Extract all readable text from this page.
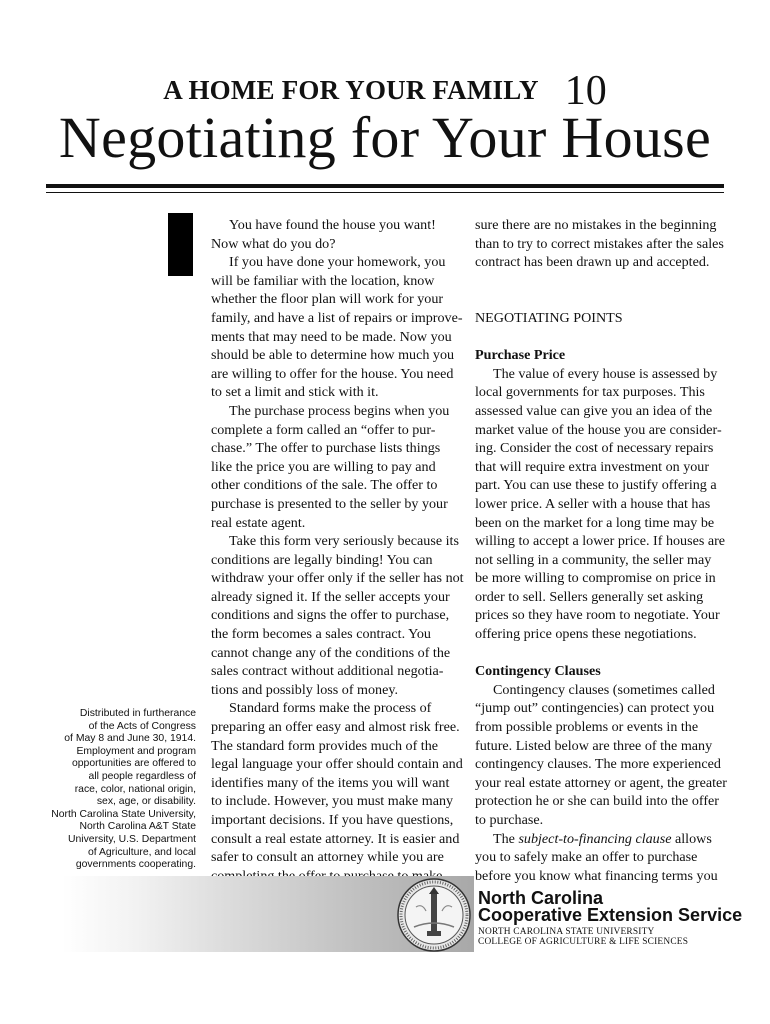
A HOME FOR YOUR FAMILY 10
Negotiating for Your House
You have found the house you want!
Now what do you do?
If you have done your homework, you
will be familiar with the location, know
whether the floor plan will work for your
family, and have a list of repairs or improve-
ments that may need to be made. Now you
should be able to determine how much you
are willing to offer for the house. You need
to set a limit and stick with it.
The purchase process begins when you
complete a form called an “offer to pur-
chase.” The offer to purchase lists things
like the price you are willing to pay and
other conditions of the sale. The offer to
purchase is presented to the seller by your
real estate agent.
Take this form very seriously because its
conditions are legally binding! You can
withdraw your offer only if the seller has not
already signed it. If the seller accepts your
conditions and signs the offer to purchase,
the form becomes a sales contract. You
cannot change any of the conditions of the
sales contract without additional negotia-
tions and possibly loss of money.
Standard forms make the process of
preparing an offer easy and almost risk free.
The standard form provides much of the
legal language your offer should contain and
identifies many of the items you will want
to include. However, you must make many
important decisions. If you have questions,
consult a real estate attorney. It is easier and
safer to consult an attorney while you are
sure there are no mistakes in the beginning
than to try to correct mistakes after the sales
contract has been drawn up and accepted.
NEGOTIATING POINTS
Purchase Price
The value of every house is assessed by
local governments for tax purposes. This
assessed value can give you an idea of the
market value of the house you are consider-
ing. Consider the cost of necessary repairs
that will require extra investment on your
part. You can use these to justify offering a
lower price. A seller with a house that has
been on the market for a long time may be
willing to accept a lower price. If houses are
not selling in a community, the seller may
be more willing to compromise on price in
order to sell. Sellers generally set asking
prices so they have room to negotiate. Your
offering price opens these negotiations.
Contingency Clauses
Contingency clauses (sometimes called
“jump out” contingencies) can protect you
from possible problems or events in the
future. Listed below are three of the many
contingency clauses. The more experienced
your real estate attorney or agent, the greater
protection he or she can build into the offer
to purchase.
The subject-to-financing clause allows
you to safely make an offer to purchase
before you know what financing terms you
Distributed in furtherance
of the Acts of Congress
of May 8 and June 30, 1914.
Employment and program
opportunities are offered to
all people regardless of
race, color, national origin,
sex, age, or disability.
North Carolina State University,
North Carolina A&T State
University, U.S. Department
of Agriculture, and local
governments cooperating.
North Carolina
Cooperative Extension Service
NORTH CAROLINA STATE UNIVERSITY
COLLEGE OF AGRICULTURE & LIFE SCIENCES
